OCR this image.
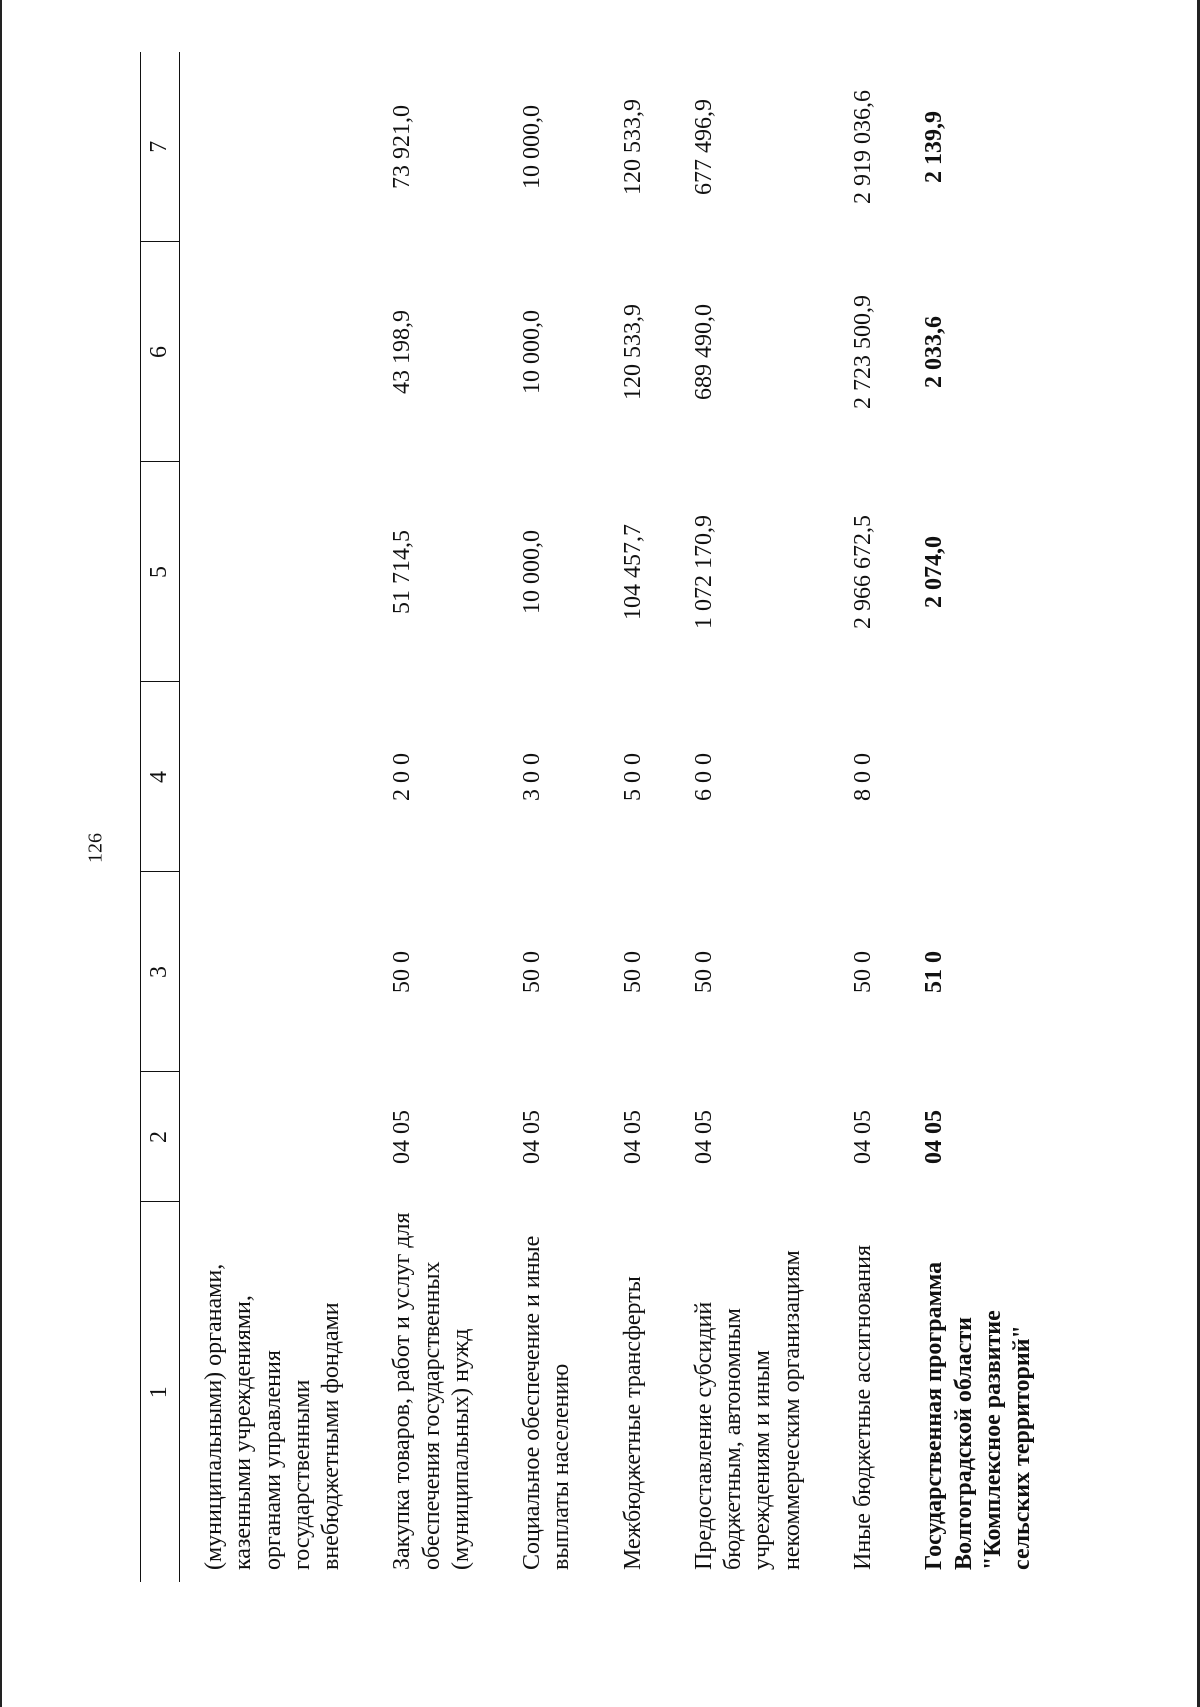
126
1	2	3	4	5	6	7
(муниципальными) органами, казенными учреждениями, органами управления государственными внебюджетными фондами						
Закупка товаров, работ и услуг для обеспечения государственных (муниципальных) нужд	04 05	50 0	2 0 0	51 714,5	43 198,9	73 921,0
Социальное обеспечение и иные выплаты населению	04 05	50 0	3 0 0	10 000,0	10 000,0	10 000,0
Межбюджетные трансферты	04 05	50 0	5 0 0	104 457,7	120 533,9	120 533,9
Предоставление субсидий бюджетным, автономным учреждениям и иным некоммерческим организациям	04 05	50 0	6 0 0	1 072 170,9	689 490,0	677 496,9
Иные бюджетные ассигнования	04 05	50 0	8 0 0	2 966 672,5	2 723 500,9	2 919 036,6
Государственная программа Волгоградской области "Комплексное развитие сельских территорий"	04 05	51 0		2 074,0	2 033,6	2 139,9
